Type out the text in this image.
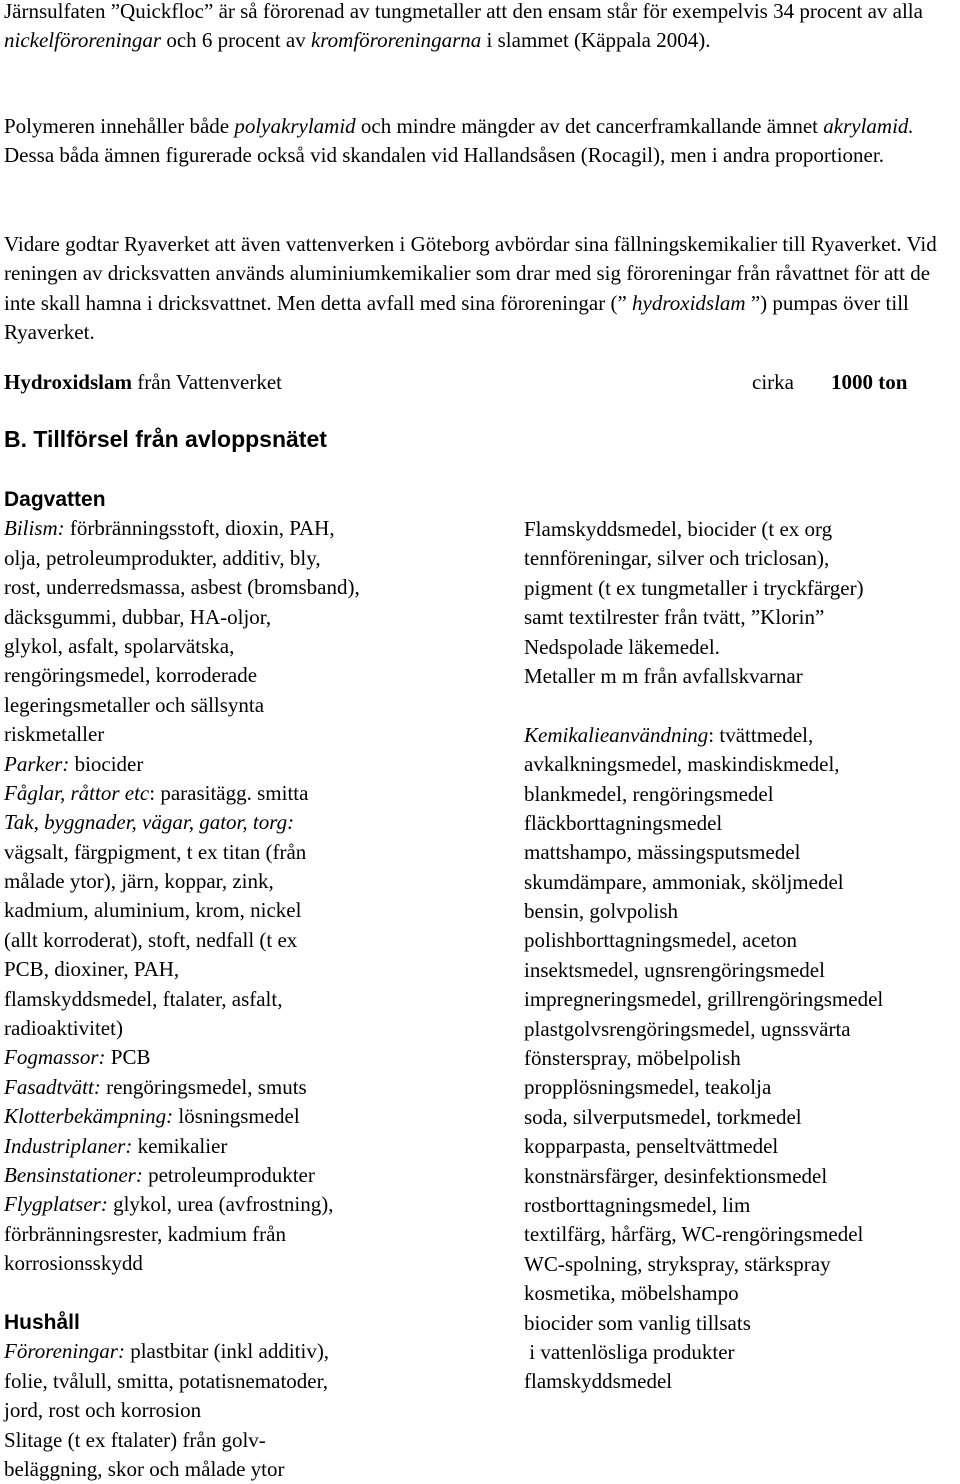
Järnsulfaten ”Quickfloc” är så förorenad av tungmetaller att den ensam står för exempelvis 34 procent av alla nickelföroreningar och 6 procent av kromföroreningarna i slammet (Käppala 2004).

Polymeren innehåller både polyakrylamid och mindre mängder av det cancerframkallande ämnet akrylamid. Dessa båda ämnen figurerade också vid skandalen vid Hallandsåsen (Rocagil), men i andra proportioner.

Vidare godtar Ryaverket att även vattenverken i Göteborg avbördar sina fällningskemikalier till Ryaverket. Vid reningen av dricksvatten används aluminiumkemikalier som drar med sig föroreningar från råvattnet för att de inte skall hamna i dricksvattnet. Men detta avfall med sina föroreningar (” hydroxidslam ”) pumpas över till Ryaverket.

Hydroxidslam från Vattenverket	cirka 1000 ton
B. Tillförsel från avloppsnätet
Dagvatten
Bilism: förbränningsstoft, dioxin, PAH,
olja, petroleumprodukter, additiv, bly,
rost, underredsmassa, asbest (bromsband),
däcksgummi, dubbar, HA-oljor,
glykol, asfalt, spolarvätska,
rengöringsmedel, korroderade
legeringsmetaller och sällsynta
riskmetaller
Parker: biocider
Fåglar, råttor etc: parasitägg. smitta
Tak, byggnader, vägar, gator, torg:
vägsalt, färgpigment, t ex titan (från
målade ytor), järn, koppar, zink,
kadmium, aluminium, krom, nickel
(allt korroderat), stoft, nedfall (t ex
PCB, dioxiner, PAH,
flamskyddsmedel, ftalater, asfalt,
radioaktivitet)
Fogmassor: PCB
Fasadtvätt: rengöringsmedel, smuts
Klotterbekämpning: lösningsmedel
Industriplaner: kemikalier
Bensinstationer: petroleumprodukter
Flygplatser: glykol, urea (avfrostning),
förbränningsrester, kadmium från
korrosionsskydd
Hushåll
Föroreningar: plastbitar (inkl additiv),
folie, tvålull, smitta, potatisnematoder,
jord, rost och korrosion
Slitage (t ex ftalater) från golv-
beläggning, skor och målade ytor
Flamskyddsmedel, biocider (t ex org
tennföreningar, silver och triclosan),
pigment (t ex tungmetaller i tryckfärger)
samt textilrester från tvätt, ”Klorin”
Nedspolade läkemedel.
Metaller m m från avfallskvarnar
Kemikalieanvändning: tvättmedel,
avkalkningsmedel, maskindiskmedel,
blankmedel, rengöringsmedel
fläckborttagningsmedel
mattshampo, mässingsputsmedel
skumdämpare, ammoniak, sköljmedel
bensin, golvpolish
polishborttagningsmedel, aceton
insektsmedel, ugnsrengöringsmedel
impregneringsmedel, grillrengöringsmedel
plastgolvsrengöringsmedel, ugnssvärta
fönsterspray, möbelpolish
propplösningsmedel, teakolja
soda, silverputsmedel, torkmedel
kopparpasta, penseltvättmedel
konstnärsfärger, desinfektionsmedel
rostborttagningsmedel, lim
textilfärg, hårfärg, WC-rengöringsmedel
WC-spolning, strykspray, stärkspray
kosmetika, möbelshampo
biocider som vanlig tillsats
i vattenlösliga produkter
flamskyddsmedel
